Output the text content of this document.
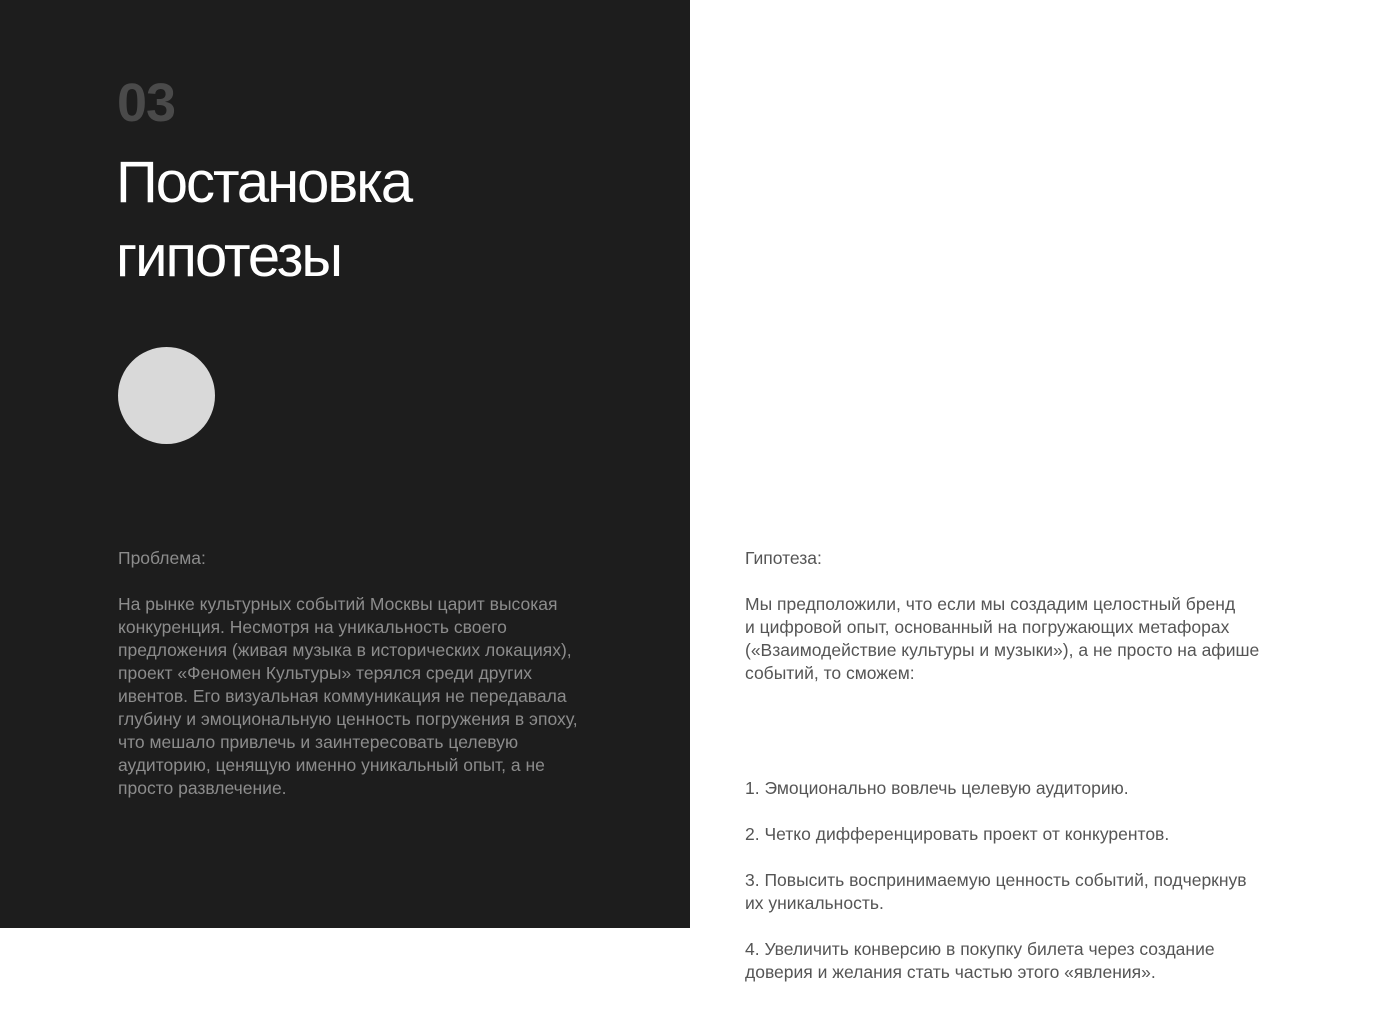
03
Постановка
гипотезы

Проблема:

На рынке культурных событий Москвы царит высокая
конкуренция. Несмотря на уникальность своего
предложения (живая музыка в исторических локациях),
проект «Феномен Культуры» терялся среди других
ивентов. Его визуальная коммуникация не передавала
глубину и эмоциональную ценность погружения в эпоху,
что мешало привлечь и заинтересовать целевую
аудиторию, ценящую именно уникальный опыт, а не
просто развлечение.

Гипотеза:

Мы предположили, что если мы создадим целостный бренд
и цифровой опыт, основанный на погружающих метафорах
(«Взаимодействие культуры и музыки»), а не просто на афише
событий, то сможем:

1. Эмоционально вовлечь целевую аудиторию.

2. Четко дифференцировать проект от конкурентов.

3. Повысить воспринимаемую ценность событий, подчеркнув
их уникальность.

4. Увеличить конверсию в покупку билета через создание
доверия и желания стать частью этого «явления».
